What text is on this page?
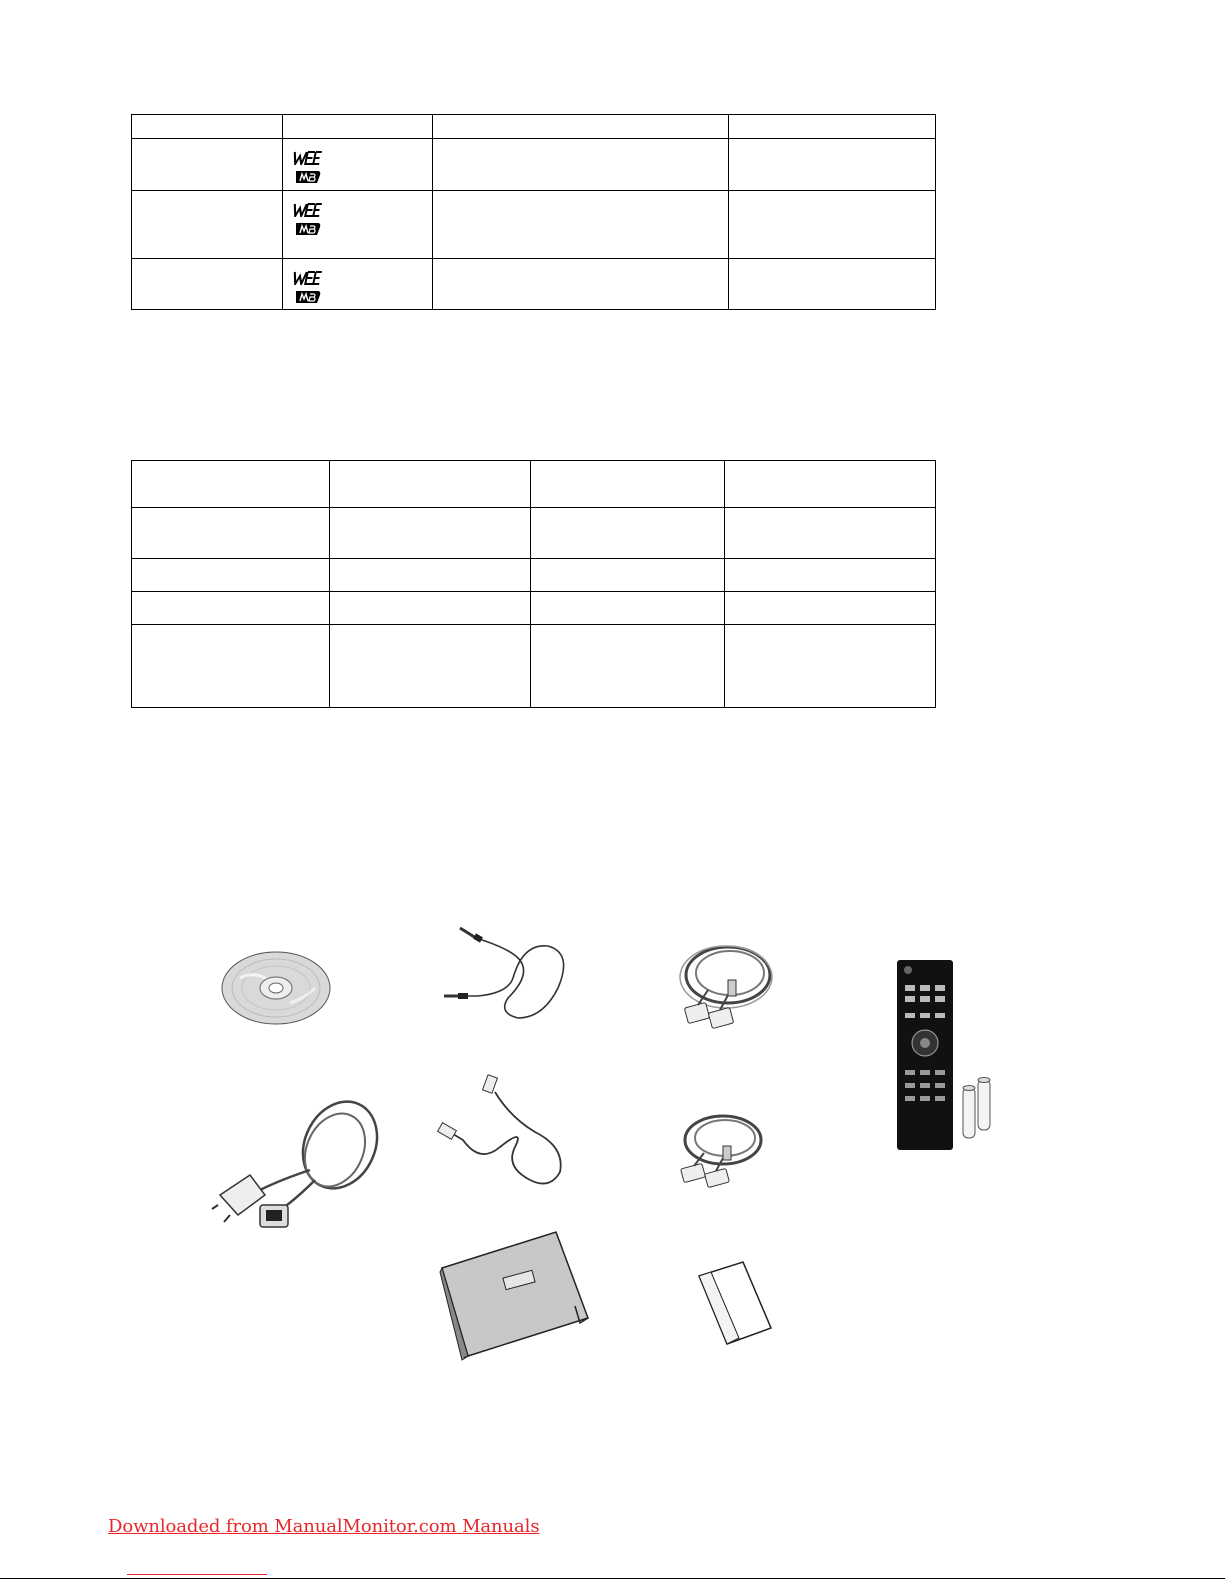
Downloaded from ManualMonitor.com Manuals
